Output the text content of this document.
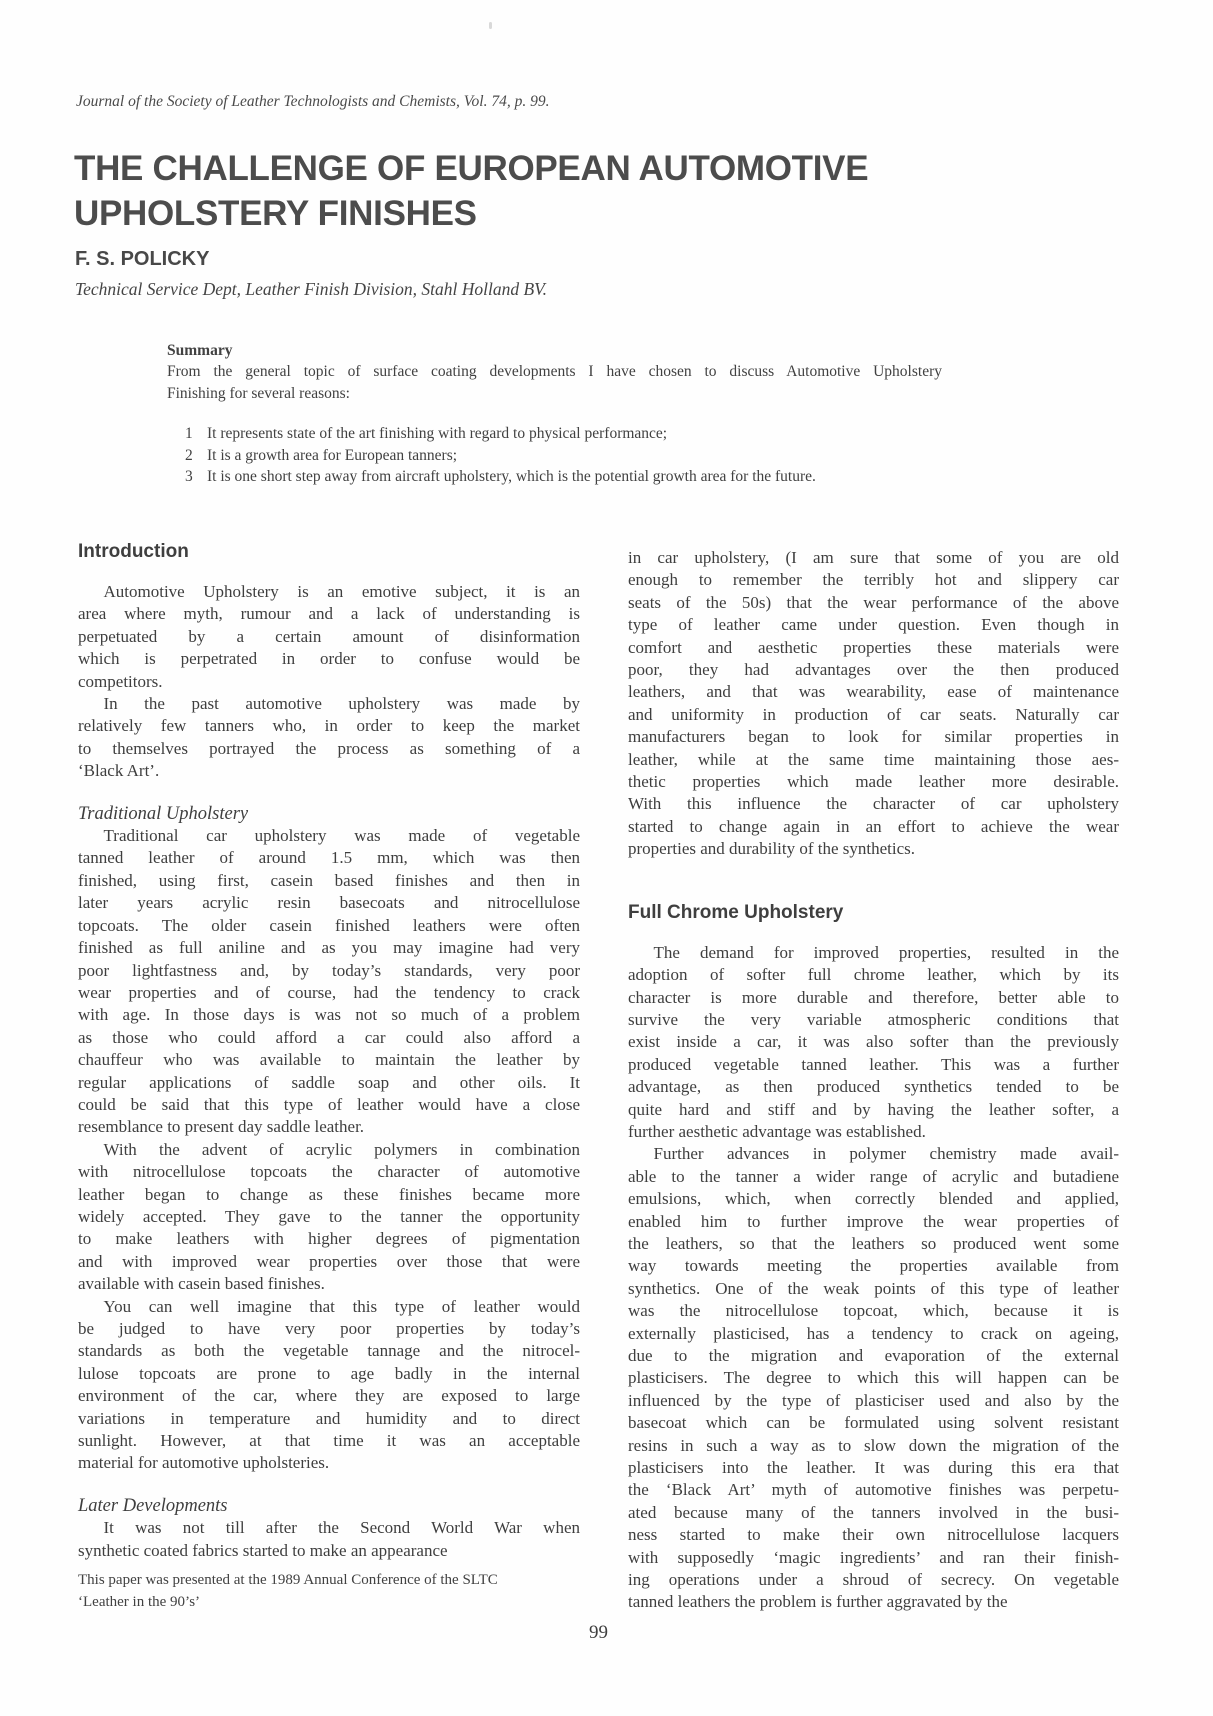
Journal of the Society of Leather Technologists and Chemists, Vol. 74, p. 99.
THE CHALLENGE OF EUROPEAN AUTOMOTIVE
UPHOLSTERY FINISHES
F. S. POLICKY
Technical Service Dept, Leather Finish Division, Stahl Holland BV.
Summary
From the general topic of surface coating developments I have chosen to discuss Automotive Upholstery
Finishing for several reasons:
1 It represents state of the art finishing with regard to physical performance;
2 It is a growth area for European tanners;
3 It is one short step away from aircraft upholstery, which is the potential growth area for the future.
Introduction
Automotive Upholstery is an emotive subject, it is an
area where myth, rumour and a lack of understanding is
perpetuated by a certain amount of disinformation
which is perpetrated in order to confuse would be
competitors.
In the past automotive upholstery was made by
relatively few tanners who, in order to keep the market
to themselves portrayed the process as something of a
‘Black Art’.
Traditional Upholstery
Traditional car upholstery was made of vegetable
tanned leather of around 1.5 mm, which was then
finished, using first, casein based finishes and then in
later years acrylic resin basecoats and nitrocellulose
topcoats. The older casein finished leathers were often
finished as full aniline and as you may imagine had very
poor lightfastness and, by today’s standards, very poor
wear properties and of course, had the tendency to crack
with age. In those days is was not so much of a problem
as those who could afford a car could also afford a
chauffeur who was available to maintain the leather by
regular applications of saddle soap and other oils. It
could be said that this type of leather would have a close
resemblance to present day saddle leather.
With the advent of acrylic polymers in combination
with nitrocellulose topcoats the character of automotive
leather began to change as these finishes became more
widely accepted. They gave to the tanner the opportunity
to make leathers with higher degrees of pigmentation
and with improved wear properties over those that were
available with casein based finishes.
You can well imagine that this type of leather would
be judged to have very poor properties by today’s
standards as both the vegetable tannage and the nitrocel-
lulose topcoats are prone to age badly in the internal
environment of the car, where they are exposed to large
variations in temperature and humidity and to direct
sunlight. However, at that time it was an acceptable
material for automotive upholsteries.
Later Developments
It was not till after the Second World War when
synthetic coated fabrics started to make an appearance
in car upholstery, (I am sure that some of you are old
enough to remember the terribly hot and slippery car
seats of the 50s) that the wear performance of the above
type of leather came under question. Even though in
comfort and aesthetic properties these materials were
poor, they had advantages over the then produced
leathers, and that was wearability, ease of maintenance
and uniformity in production of car seats. Naturally car
manufacturers began to look for similar properties in
leather, while at the same time maintaining those aes-
thetic properties which made leather more desirable.
With this influence the character of car upholstery
started to change again in an effort to achieve the wear
properties and durability of the synthetics.
Full Chrome Upholstery
The demand for improved properties, resulted in the
adoption of softer full chrome leather, which by its
character is more durable and therefore, better able to
survive the very variable atmospheric conditions that
exist inside a car, it was also softer than the previously
produced vegetable tanned leather. This was a further
advantage, as then produced synthetics tended to be
quite hard and stiff and by having the leather softer, a
further aesthetic advantage was established.
Further advances in polymer chemistry made avail-
able to the tanner a wider range of acrylic and butadiene
emulsions, which, when correctly blended and applied,
enabled him to further improve the wear properties of
the leathers, so that the leathers so produced went some
way towards meeting the properties available from
synthetics. One of the weak points of this type of leather
was the nitrocellulose topcoat, which, because it is
externally plasticised, has a tendency to crack on ageing,
due to the migration and evaporation of the external
plasticisers. The degree to which this will happen can be
influenced by the type of plasticiser used and also by the
basecoat which can be formulated using solvent resistant
resins in such a way as to slow down the migration of the
plasticisers into the leather. It was during this era that
the ‘Black Art’ myth of automotive finishes was perpetu-
ated because many of the tanners involved in the busi-
ness started to make their own nitrocellulose lacquers
with supposedly ‘magic ingredients’ and ran their finish-
ing operations under a shroud of secrecy. On vegetable
tanned leathers the problem is further aggravated by the
This paper was presented at the 1989 Annual Conference of the SLTC
‘Leather in the 90’s’
99
